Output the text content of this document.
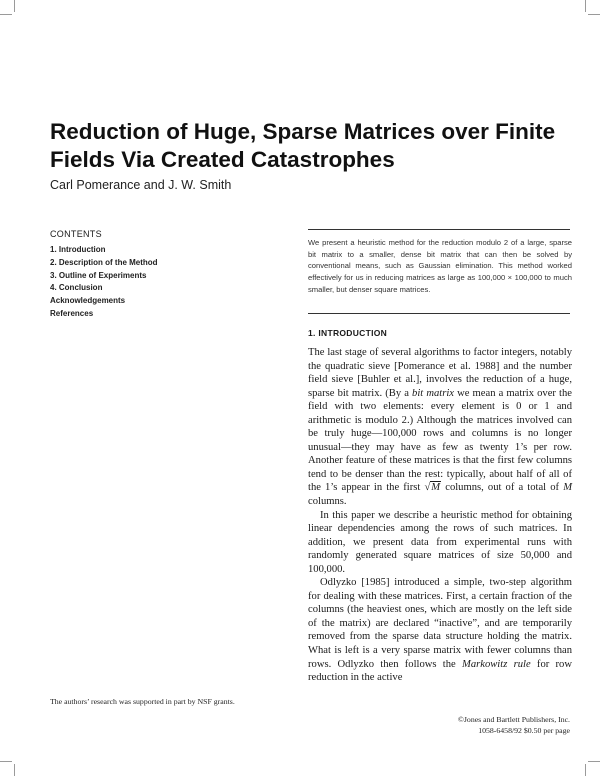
Reduction of Huge, Sparse Matrices over Finite
Fields Via Created Catastrophes
Carl Pomerance and J. W. Smith
CONTENTS
1. Introduction
2. Description of the Method
3. Outline of Experiments
4. Conclusion
Acknowledgements
References

We present a heuristic method for the reduction modulo 2 of a large, sparse bit matrix to a smaller, dense bit matrix that can then be solved by conventional means, such as Gaussian elimination. This method worked effectively for us in reducing matrices as large as 100,000 × 100,000 to much smaller, but denser square matrices.

1. INTRODUCTION

The last stage of several algorithms to factor integers, notably the quadratic sieve [Pomerance et al. 1988] and the number field sieve [Buhler et al.], involves the reduction of a huge, sparse bit matrix. (By a bit matrix we mean a matrix over the field with two elements: every element is 0 or 1 and arithmetic is modulo 2.) Although the matrices involved can be truly huge—100,000 rows and columns is no longer unusual—they may have as few as twenty 1’s per row. Another feature of these matrices is that the first few columns tend to be denser than the rest: typically, about half of all of the 1’s appear in the first √M columns, out of a total of M columns.

In this paper we describe a heuristic method for obtaining linear dependencies among the rows of such matrices. In addition, we present data from experimental runs with randomly generated square matrices of size 50,000 and 100,000.

Odlyzko [1985] introduced a simple, two-step algorithm for dealing with these matrices. First, a certain fraction of the columns (the heaviest ones, which are mostly on the left side of the matrix) are declared “inactive”, and are temporarily removed from the sparse data structure holding the matrix. What is left is a very sparse matrix with fewer columns than rows. Odlyzko then follows the Markowitz rule for row reduction in the active

The authors’ research was supported in part by NSF grants.
©Jones and Bartlett Publishers, Inc.
1058-6458/92 $0.50 per page
